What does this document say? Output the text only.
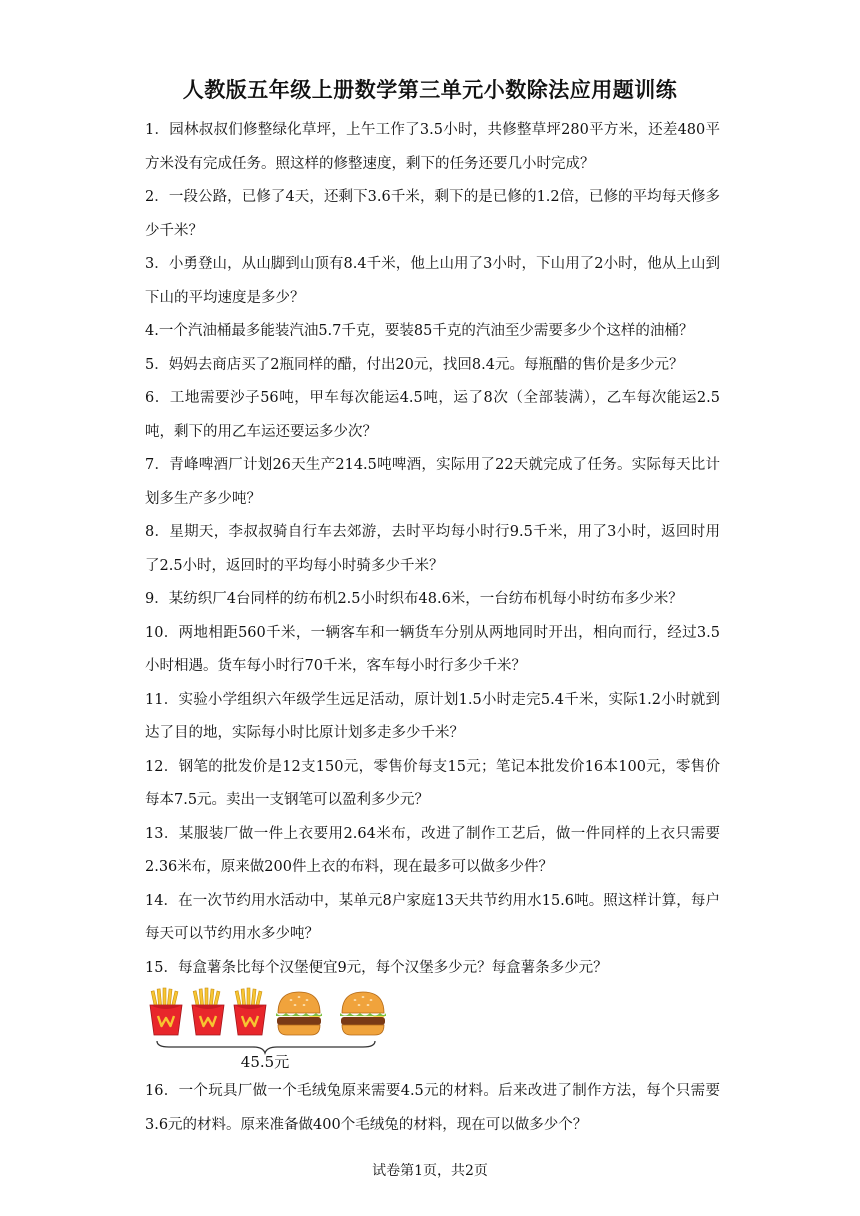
人教版五年级上册数学第三单元小数除法应用题训练

1．园林叔叔们修整绿化草坪，上午工作了3.5小时，共修整草坪280平方米，还差480平方米没有完成任务。照这样的修整速度，剩下的任务还要几小时完成？

2．一段公路，已修了4天，还剩下3.6千米，剩下的是已修的1.2倍，已修的平均每天修多少千米？

3．小勇登山，从山脚到山顶有8.4千米，他上山用了3小时，下山用了2小时，他从上山到下山的平均速度是多少？

4.一个汽油桶最多能装汽油5.7千克，要装85千克的汽油至少需要多少个这样的油桶？

5．妈妈去商店买了2瓶同样的醋，付出20元，找回8.4元。每瓶醋的售价是多少元？

6．工地需要沙子56吨，甲车每次能运4.5吨，运了8次（全部装满），乙车每次能运2.5吨，剩下的用乙车运还要运多少次？

7．青峰啤酒厂计划26天生产214.5吨啤酒，实际用了22天就完成了任务。实际每天比计划多生产多少吨？

8．星期天，李叔叔骑自行车去郊游，去时平均每小时行9.5千米，用了3小时，返回时用了2.5小时，返回时的平均每小时骑多少千米？

9．某纺织厂4台同样的纺布机2.5小时织布48.6米，一台纺布机每小时纺布多少米？

10．两地相距560千米，一辆客车和一辆货车分别从两地同时开出，相向而行，经过3.5小时相遇。货车每小时行70千米，客车每小时行多少千米？

11．实验小学组织六年级学生远足活动，原计划1.5小时走完5.4千米，实际1.2小时就到达了目的地，实际每小时比原计划多走多少千米？

12．钢笔的批发价是12支150元，零售价每支15元；笔记本批发价16本100元，零售价每本7.5元。卖出一支钢笔可以盈利多少元？

13．某服装厂做一件上衣要用2.64米布，改进了制作工艺后，做一件同样的上衣只需要2.36米布，原来做200件上衣的布料，现在最多可以做多少件？

14．在一次节约用水活动中，某单元8户家庭13天共节约用水15.6吨。照这样计算，每户每天可以节约用水多少吨？

15．每盒薯条比每个汉堡便宜9元，每个汉堡多少元？每盒薯条多少元？

45.5元

16．一个玩具厂做一个毛绒兔原来需要4.5元的材料。后来改进了制作方法，每个只需要3.6元的材料。原来准备做400个毛绒兔的材料，现在可以做多少个？

试卷第1页，共2页
